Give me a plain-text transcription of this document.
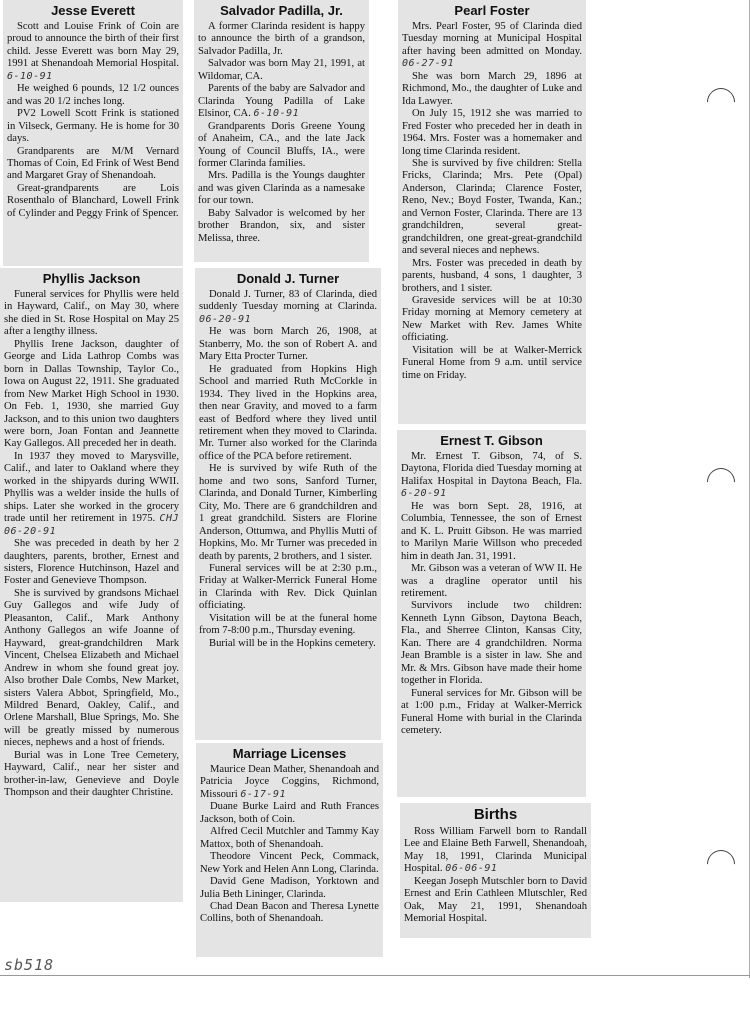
Jesse Everett

Scott and Louise Frink of Coin are proud to announce the birth of their first child. Jesse Everett was born May 29, 1991 at Shenandoah Memorial Hospital. 6-10-91

He weighed 6 pounds, 12 1/2 ounces and was 20 1/2 inches long.

PV2 Lowell Scott Frink is stationed in Vilseck, Germany. He is home for 30 days.

Grandparents are M/M Vernard Thomas of Coin, Ed Frink of West Bend and Margaret Gray of Shenandoah.

Great-grandparents are Lois Rosenthalo of Blanchard, Lowell Frink of Cylinder and Peggy Frink of Spencer.

Salvador Padilla, Jr.

A former Clarinda resident is happy to announce the birth of a grandson, Salvador Padilla, Jr.

Salvador was born May 21, 1991, at Wildomar, CA.

Parents of the baby are Salvador and Clarinda Young Padilla of Lake Elsinor, CA. 6-10-91

Grandparents Doris Greene Young of Anaheim, CA., and the late Jack Young of Council Bluffs, IA., were former Clarinda families.

Mrs. Padilla is the Youngs daughter and was given Clarinda as a namesake for our town.

Baby Salvador is welcomed by her brother Brandon, six, and sister Melissa, three.

Pearl Foster

Mrs. Pearl Foster, 95 of Clarinda died Tuesday morning at Municipal Hospital after having been admitted on Monday. 06-27-91

She was born March 29, 1896 at Richmond, Mo., the daughter of Luke and Ida Lawyer.

On July 15, 1912 she was married to Fred Foster who preceded her in death in 1964. Mrs. Foster was a homemaker and long time Clarinda resident.

She is survived by five children: Stella Fricks, Clarinda; Mrs. Pete (Opal) Anderson, Clarinda; Clarence Foster, Reno, Nev.; Boyd Foster, Twanda, Kan.; and Vernon Foster, Clarinda. There are 13 grandchildren, several great-grandchildren, one great-great-grandchild and several nieces and nephews.

Mrs. Foster was preceded in death by parents, husband, 4 sons, 1 daughter, 3 brothers, and 1 sister.

Graveside services will be at 10:30 Friday morning at Memory cemetery at New Market with Rev. James White officiating.

Visitation will be at Walker-Merrick Funeral Home from 9 a.m. until service time on Friday.

Phyllis Jackson

Funeral services for Phyllis were held in Hayward, Calif., on May 30, where she died in St. Rose Hospital on May 25 after a lengthy illness.

Phyllis Irene Jackson, daughter of George and Lida Lathrop Combs was born in Dallas Township, Taylor Co., Iowa on August 22, 1911. She graduated from New Market High School in 1930. On Feb. 1, 1930, she married Guy Jackson, and to this union two daughters were born, Joan Fontan and Jeannette Kay Gallegos. All preceded her in death.

In 1937 they moved to Marysville, Calif., and later to Oakland where they worked in the shipyards during WWII. Phyllis was a welder inside the hulls of ships. Later she worked in the grocery trade until her retirement in 1975. CHJ 06-20-91

She was preceded in death by her 2 daughters, parents, brother, Ernest and sisters, Florence Hutchinson, Hazel and Foster and Genevieve Thompson.

She is survived by grandsons Michael Guy Gallegos and wife Judy of Pleasanton, Calif., Mark Anthony Anthony Gallegos an wife Joanne of Hayward, great-grandchildren Mark Vincent, Chelsea Elizabeth and Michael Andrew in whom she found great joy. Also brother Dale Combs, New Market, sisters Valera Abbot, Springfield, Mo., Mildred Benard, Oakley, Calif., and Orlene Marshall, Blue Springs, Mo. She will be greatly missed by numerous nieces, nephews and a host of friends.

Burial was in Lone Tree Cemetery, Hayward, Calif., near her sister and brother-in-law, Genevieve and Doyle Thompson and their daughter Christine.

Donald J. Turner

Donald J. Turner, 83 of Clarinda, died suddenly Tuesday morning at Clarinda. 06-20-91

He was born March 26, 1908, at Stanberry, Mo. the son of Robert A. and Mary Etta Procter Turner.

He graduated from Hopkins High School and married Ruth McCorkle in 1934. They lived in the Hopkins area, then near Gravity, and moved to a farm east of Bedford where they lived until retirement when they moved to Clarinda. Mr. Turner also worked for the Clarinda office of the PCA before retirement.

He is survived by wife Ruth of the home and two sons, Sanford Turner, Clarinda, and Donald Turner, Kimberling City, Mo. There are 6 grandchildren and 1 great grandchild. Sisters are Florine Anderson, Ottumwa, and Phyllis Mutti of Hopkins, Mo. Mr Turner was preceded in death by parents, 2 brothers, and 1 sister.

Funeral services will be at 2:30 p.m., Friday at Walker-Merrick Funeral Home in Clarinda with Rev. Dick Quinlan officiating.

Visitation will be at the funeral home from 7-8:00 p.m., Thursday evening.

Burial will be in the Hopkins cemetery.

Ernest T. Gibson

Mr. Ernest T. Gibson, 74, of S. Daytona, Florida died Tuesday morning at Halifax Hospital in Daytona Beach, Fla. 6-20-91

He was born Sept. 28, 1916, at Columbia, Tennessee, the son of Ernest and K. L. Pruitt Gibson. He was married to Marilyn Marie Willson who preceded him in death Jan. 31, 1991.

Mr. Gibson was a veteran of WW II. He was a dragline operator until his retirement.

Survivors include two children: Kenneth Lynn Gibson, Daytona Beach, Fla., and Sherree Clinton, Kansas City, Kan. There are 4 grandchildren. Norma Jean Bramble is a sister in law. She and Mr. & Mrs. Gibson have made their home together in Florida.

Funeral services for Mr. Gibson will be at 1:00 p.m., Friday at Walker-Merrick Funeral Home with burial in the Clarinda cemetery.

Marriage Licenses

Maurice Dean Mather, Shenandoah and Patricia Joyce Coggins, Richmond, Missouri 6-17-91

Duane Burke Laird and Ruth Frances Jackson, both of Coin.

Alfred Cecil Mutchler and Tammy Kay Mattox, both of Shenandoah.

Theodore Vincent Peck, Commack, New York and Helen Ann Long, Clarinda.

David Gene Madison, Yorktown and Julia Beth Lininger, Clarinda.

Chad Dean Bacon and Theresa Lynette Collins, both of Shenandoah.

Births

Ross William Farwell born to Randall Lee and Elaine Beth Farwell, Shenandoah, May 18, 1991, Clarinda Municipal Hospital. 06-06-91

Keegan Joseph Mutschler born to David Ernest and Erin Cathleen Mlutschler, Red Oak, May 21, 1991, Shenandoah Memorial Hospital.

sb518
